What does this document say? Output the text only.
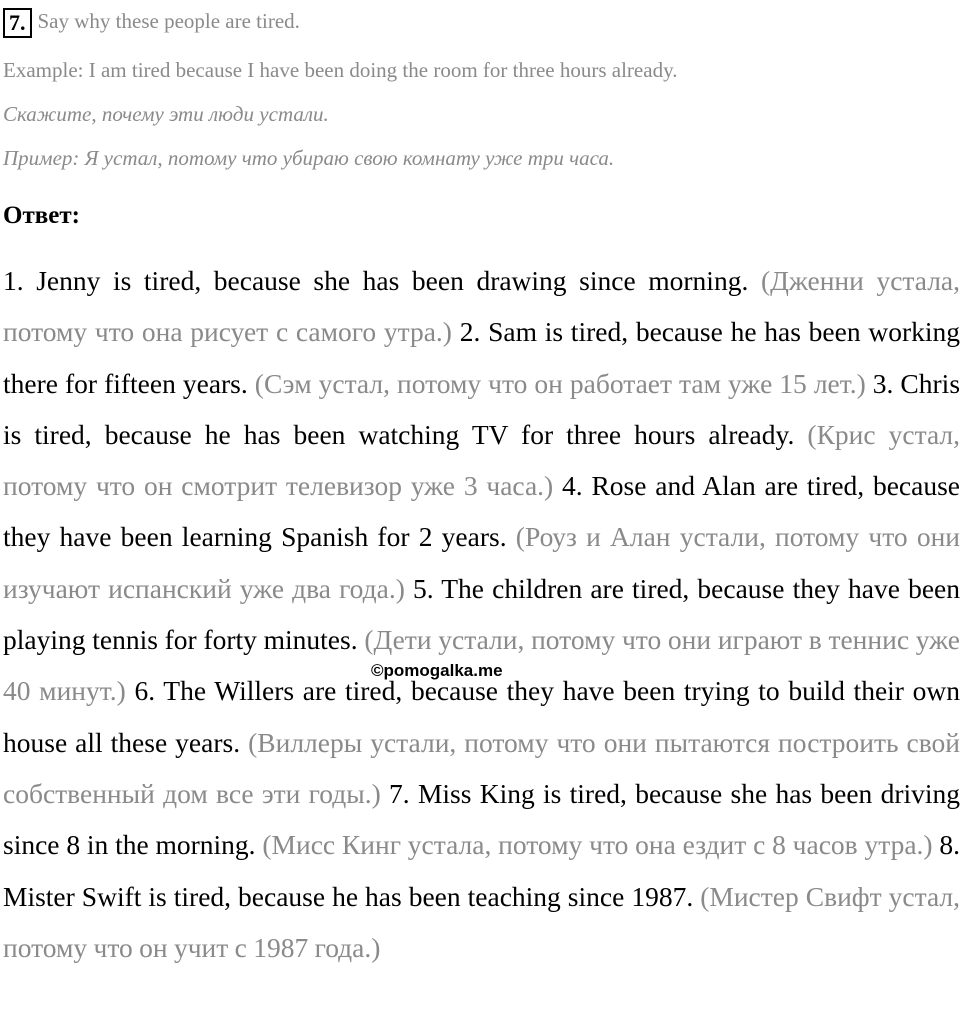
7. Say why these people are tired.
Example: I am tired because I have been doing the room for three hours already.
Скажите, почему эти люди устали.
Пример: Я устал, потому что убираю свою комнату уже три часа.
Ответ:
1. Jenny is tired, because she has been drawing since morning. (Дженни устала, потому что она рисует с самого утра.) 2. Sam is tired, because he has been working there for fifteen years. (Сэм устал, потому что он работает там уже 15 лет.) 3. Chris is tired, because he has been watching TV for three hours already. (Крис устал, потому что он смотрит телевизор уже 3 часа.) 4. Rose and Alan are tired, because they have been learning Spanish for 2 years. (Роуз и Алан устали, потому что они изучают испанский уже два года.) 5. The children are tired, because they have been playing tennis for forty minutes. (Дети устали, потому что они играют в теннис уже 40 минут.) 6. The Willers are tired, because they have been trying to build their own house all these years. (Виллеры устали, потому что они пытаются построить свой собственный дом все эти годы.) 7. Miss King is tired, because she has been driving since 8 in the morning. (Мисс Кинг устала, потому что она ездит с 8 часов утра.) 8. Mister Swift is tired, because he has been teaching since 1987. (Мистер Свифт устал, потому что он учит с 1987 года.)
©pomogalka.me
